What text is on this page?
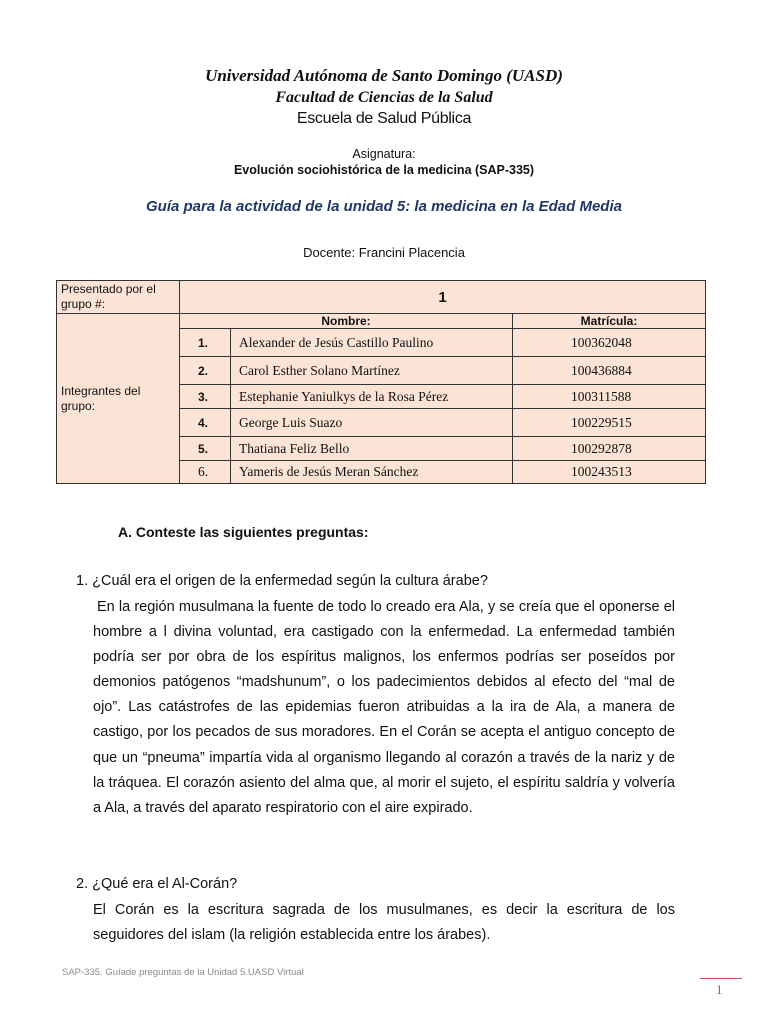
Universidad Autónoma de Santo Domingo (UASD)
Facultad de Ciencias de la Salud
Escuela de Salud Pública
Asignatura:
Evolución sociohistórica de la medicina (SAP-335)
Guía para la actividad de la unidad 5: la medicina en la Edad Media
Docente: Francini Placencia
Presentado por el grupo #:	1		
Integrantes del grupo:	Nombre:		Matrícula:
	1.	Alexander de Jesús Castillo Paulino	100362048
	2.	Carol Esther Solano Martínez	100436884
	3.	Estephanie Yaniulkys de la Rosa Pérez	100311588
	4.	George Luis Suazo	100229515
	5.	Thatiana Feliz Bello	100292878
	6.	Yameris de Jesús Meran Sánchez	100243513
A. Conteste las siguientes preguntas:
1. ¿Cuál era el origen de la enfermedad según la cultura árabe?
En la región musulmana la fuente de todo lo creado era Ala, y se creía que el oponerse el hombre a l divina voluntad, era castigado con la enfermedad. La enfermedad también podría ser por obra de los espíritus malignos, los enfermos podrías ser poseídos por demonios patógenos “madshunum”, o los padecimientos debidos al efecto del “mal de ojo”. Las catástrofes de las epidemias fueron atribuidas a la ira de Ala, a manera de castigo, por los pecados de sus moradores. En el Corán se acepta el antiguo concepto de que un “pneuma” impartía vida al organismo llegando al corazón a través de la nariz y de la tráquea. El corazón asiento del alma que, al morir el sujeto, el espíritu saldría y volvería a Ala, a través del aparato respiratorio con el aire expirado.
2. ¿Qué era el Al-Corán?
El Corán es la escritura sagrada de los musulmanes, es decir la escritura de los seguidores del islam (la religión establecida entre los árabes).
SAP-335. Guíade preguntas de la Unidad 5.UASD Virtual
1
